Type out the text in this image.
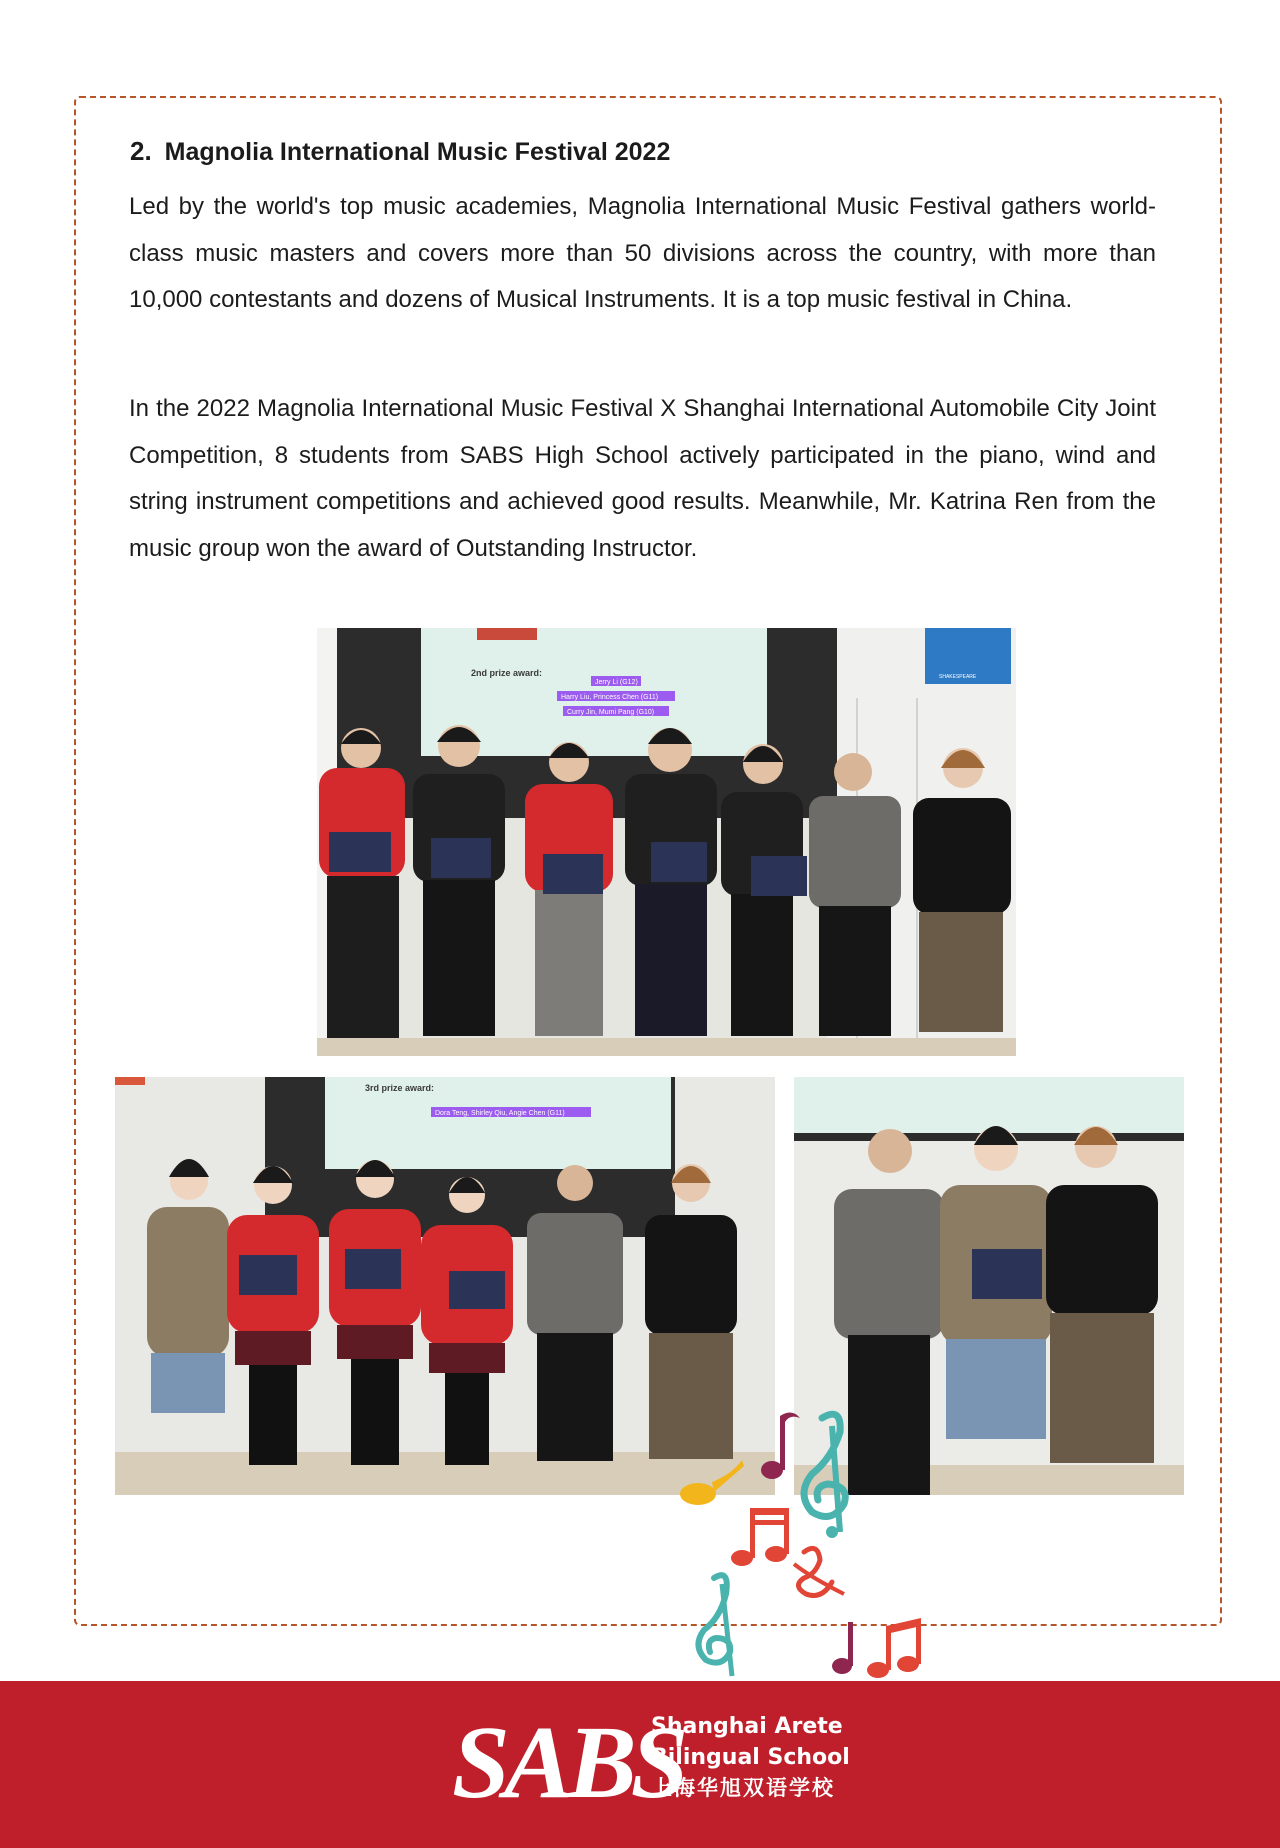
2. Magnolia International Music Festival 2022

Led by the world's top music academies, Magnolia International Music Festival gathers world-class music masters and covers more than 50 divisions across the country, with more than 10,000 contestants and dozens of Musical Instruments. It is a top music festival in China.

In the 2022 Magnolia International Music Festival X Shanghai International Automobile City Joint Competition, 8 students from SABS High School actively participated in the piano, wind and string instrument competitions and achieved good results. Meanwhile, Mr. Katrina Ren from the music group won the award of Outstanding Instructor.

2nd prize award:
Jerry Li (G12)
Harry Liu, Princess Chen (G11)
Curry Jin, Mumi Pang (G10)
SHAKESPEARE
3rd prize award:
Dora Teng, Shirley Qiu, Angie Chen (G11)
SABS
Shanghai Arete
Bilingual School
上海华旭双语学校
